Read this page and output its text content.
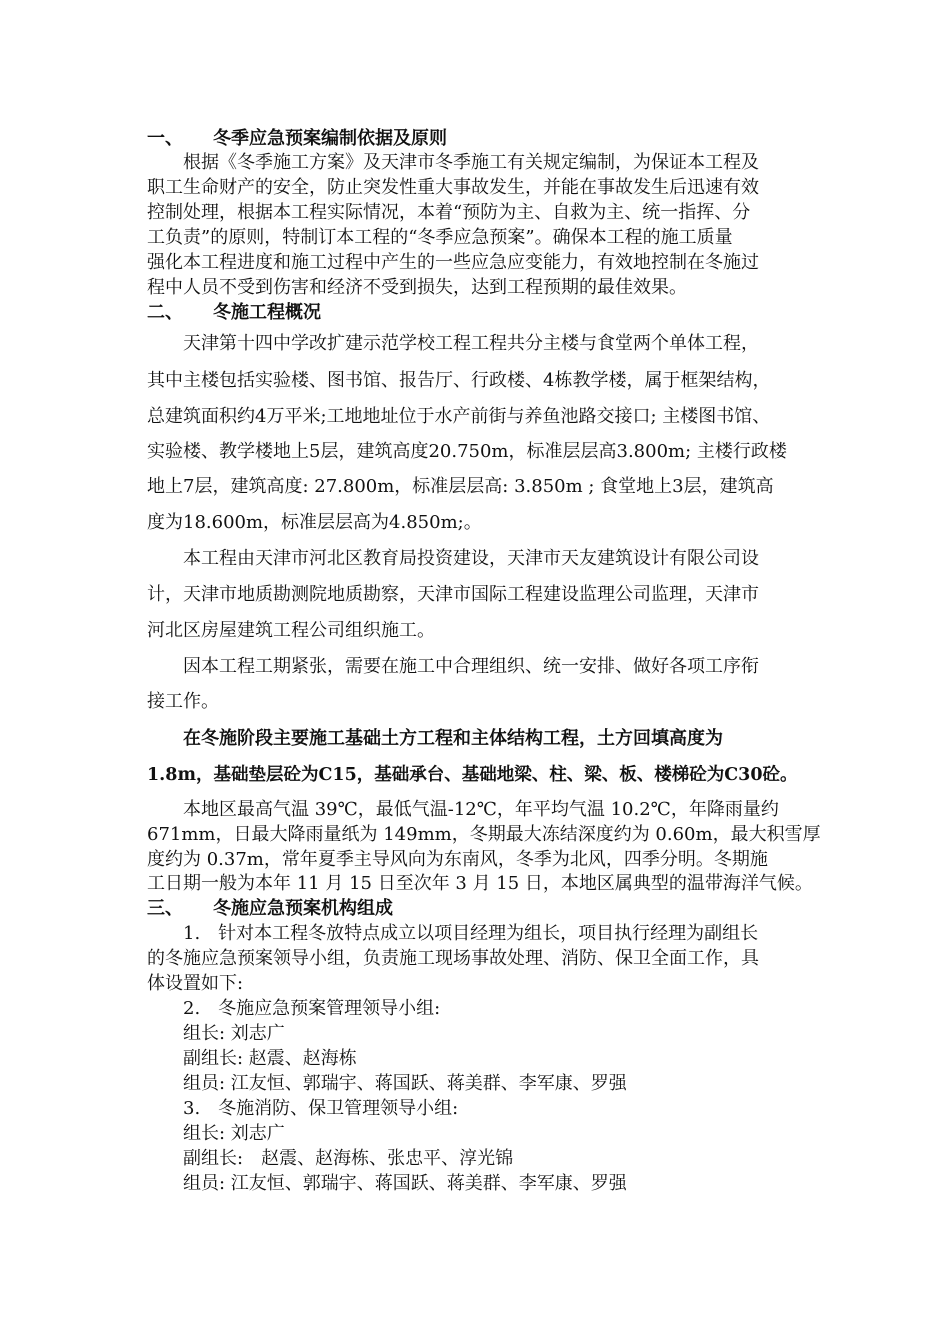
一、 冬季应急预案编制依据及原则
根据《冬季施工方案》及天津市冬季施工有关规定编制，为保证本工程及
职工生命财产的安全，防止突发性重大事故发生，并能在事故发生后迅速有效
控制处理，根据本工程实际情况，本着“预防为主、自救为主、统一指挥、分
工负责”的原则，特制订本工程的“冬季应急预案”。确保本工程的施工质量
强化本工程进度和施工过程中产生的一些应急应变能力，有效地控制在冬施过
程中人员不受到伤害和经济不受到损失，达到工程预期的最佳效果。
二、 冬施工程概况
天津第十四中学改扩建示范学校工程工程共分主楼与食堂两个单体工程，
其中主楼包括实验楼、图书馆、报告厅、行政楼、4栋教学楼，属于框架结构，
总建筑面积约4万平米;工地地址位于水产前街与养鱼池路交接口; 主楼图书馆、
实验楼、教学楼地上5层，建筑高度20.750m，标准层层高3.800m; 主楼行政楼
地上7层，建筑高度: 27.800m，标准层层高: 3.850m ; 食堂地上3层，建筑高
度为18.600m，标准层层高为4.850m;。
本工程由天津市河北区教育局投资建设，天津市天友建筑设计有限公司设
计，天津市地质勘测院地质勘察，天津市国际工程建设监理公司监理，天津市
河北区房屋建筑工程公司组织施工。
因本工程工期紧张，需要在施工中合理组织、统一安排、做好各项工序衔
接工作。
在冬施阶段主要施工基础土方工程和主体结构工程，土方回填高度为
1.8m，基础垫层砼为C15，基础承台、基础地梁、柱、梁、板、楼梯砼为C30砼。
本地区最高气温 39℃，最低气温-12℃，年平均气温 10.2℃，年降雨量约
671mm，日最大降雨量纸为 149mm，冬期最大冻结深度约为 0.60m，最大积雪厚
度约为 0.37m，常年夏季主导风向为东南风，冬季为北风，四季分明。冬期施
工日期一般为本年 11 月 15 日至次年 3 月 15 日，本地区属典型的温带海洋气候。
三、 冬施应急预案机构组成
1.　针对本工程冬放特点成立以项目经理为组长，项目执行经理为副组长
的冬施应急预案领导小组，负责施工现场事故处理、消防、保卫全面工作，具
体设置如下:
2.　冬施应急预案管理领导小组:
组长: 刘志广
副组长: 赵震、赵海栋
组员: 江友恒、郭瑞宇、蒋国跃、蒋美群、李军康、罗强
3.　冬施消防、保卫管理领导小组:
组长: 刘志广
副组长:　赵震、赵海栋、张忠平、淳光锦
组员: 江友恒、郭瑞宇、蒋国跃、蒋美群、李军康、罗强
